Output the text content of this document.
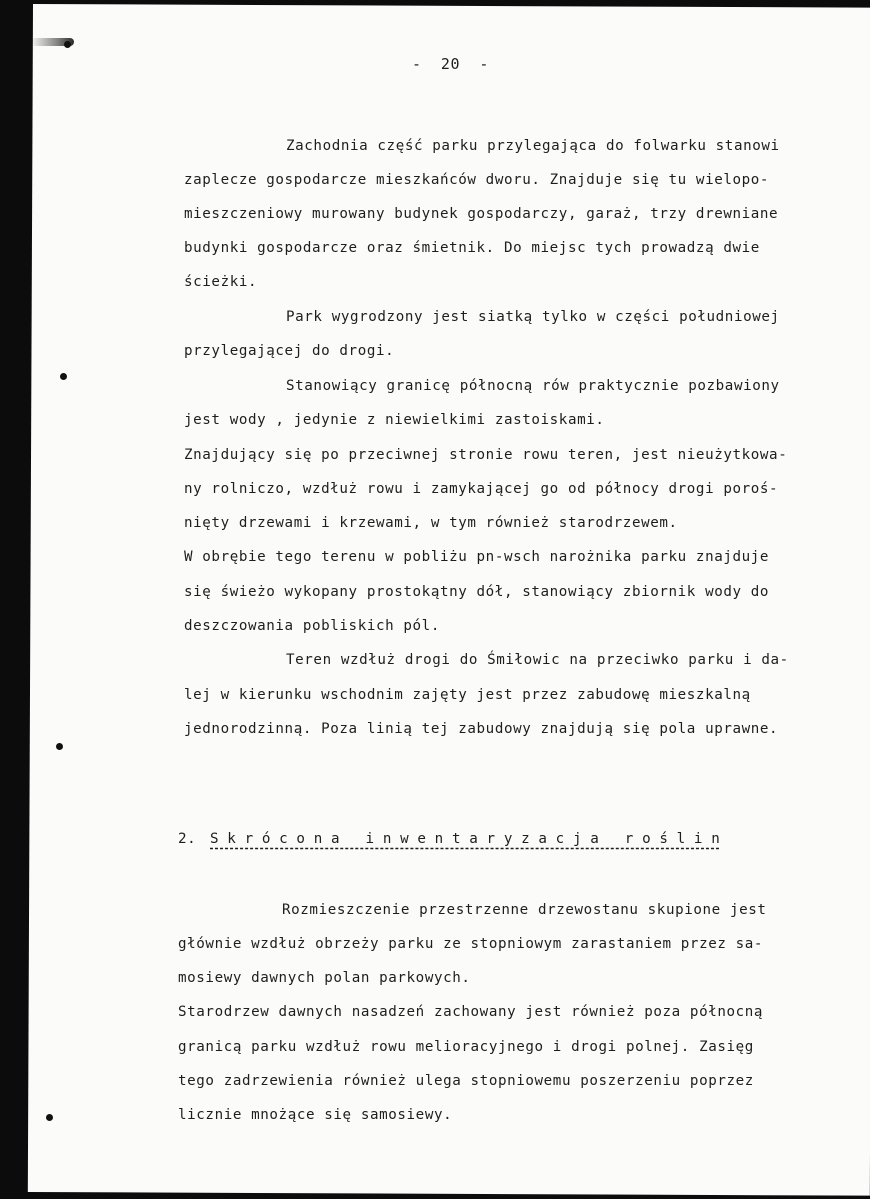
-  20  -
Zachodnia część parku przylegająca do folwarku stanowi
zaplecze gospodarcze mieszkańców dworu. Znajduje się tu wielopo-
mieszczeniowy murowany budynek gospodarczy, garaż, trzy drewniane
budynki gospodarcze oraz śmietnik. Do miejsc tych prowadzą dwie
ścieżki.
Park wygrodzony jest siatką tylko w części południowej
przylegającej do drogi.
Stanowiący granicę północną rów praktycznie pozbawiony
jest wody , jedynie z niewielkimi zastoiskami.
Znajdujący się po przeciwnej stronie rowu teren, jest nieużytkowa-
ny rolniczo, wzdłuż rowu i zamykającej go od północy drogi poroś-
nięty drzewami i krzewami, w tym również starodrzewem.
W obrębie tego terenu w pobliżu pn-wsch narożnika parku znajduje
się świeżo wykopany prostokątny dół, stanowiący zbiornik wody do
deszczowania pobliskich pól.
Teren wzdłuż drogi do Śmiłowic na przeciwko parku i da-
lej w kierunku wschodnim zajęty jest przez zabudowę mieszkalną
jednorodzinną. Poza linią tej zabudowy znajdują się pola uprawne.
2. S k r ó c o n a   i n w e n t a r y z a c j a   r o ś l i n
Rozmieszczenie przestrzenne drzewostanu skupione jest
głównie wzdłuż obrzeży parku ze stopniowym zarastaniem przez sa-
mosiewy dawnych polan parkowych.
Starodrzew dawnych nasadzeń zachowany jest również poza północną
granicą parku wzdłuż rowu melioracyjnego i drogi polnej. Zasięg
tego zadrzewienia również ulega stopniowemu poszerzeniu poprzez
licznie mnożące się samosiewy.
